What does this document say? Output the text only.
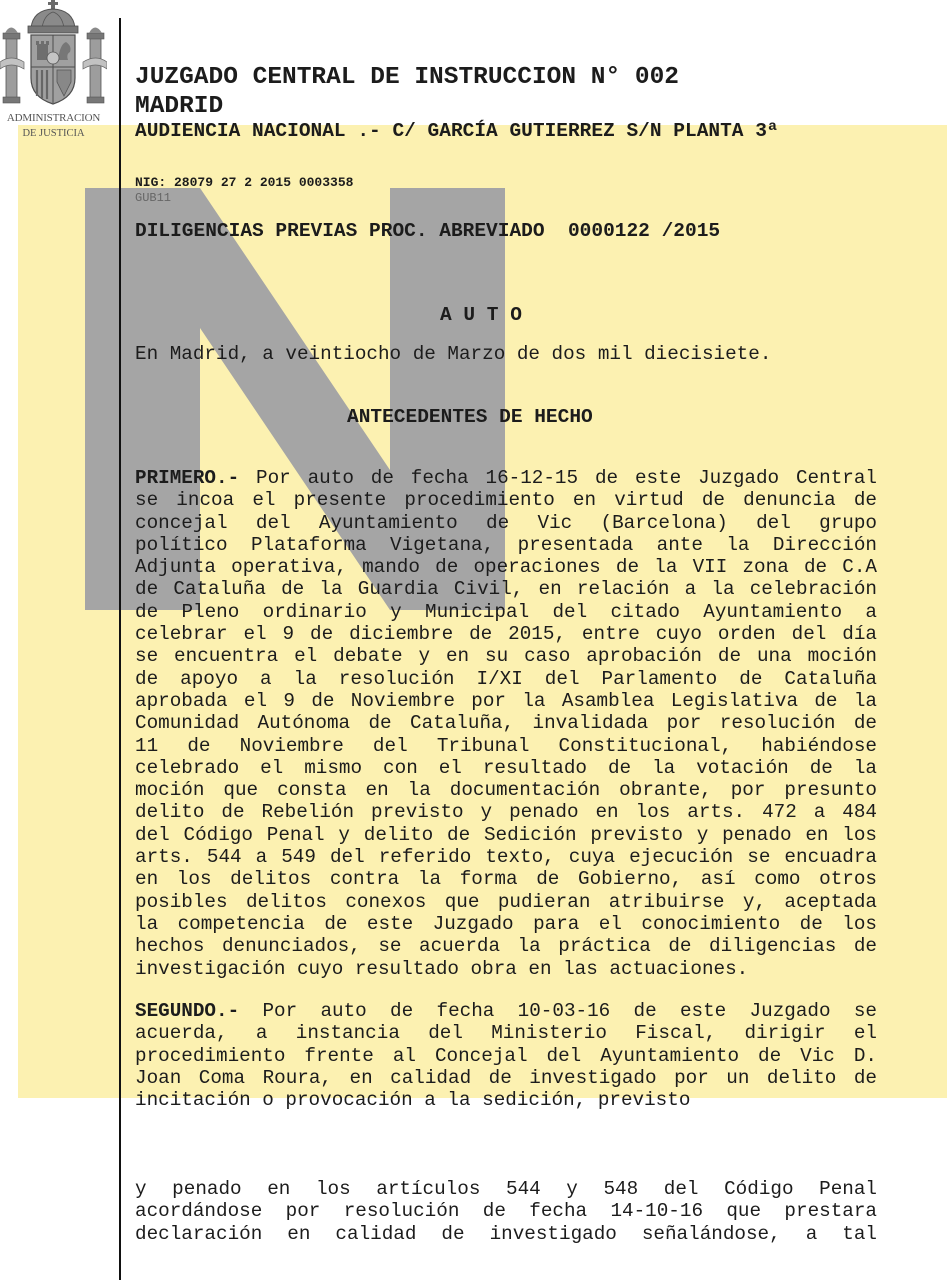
ADMINISTRACION
DE JUSTICIA
JUZGADO CENTRAL DE INSTRUCCION N° 002
MADRID
AUDIENCIA NACIONAL .- C/ GARCÍA GUTIERREZ S/N PLANTA 3ª
NIG: 28079 27 2 2015 0003358
GUB11
DILIGENCIAS PREVIAS PROC. ABREVIADO  0000122 /2015
A U T O
En Madrid, a veintiocho de Marzo de dos mil diecisiete.
ANTECEDENTES DE HECHO
PRIMERO.- Por auto de fecha 16-12-15 de este Juzgado Central
se incoa el presente procedimiento en virtud de denuncia de
concejal del Ayuntamiento de Vic (Barcelona) del grupo
político Plataforma Vigetana, presentada ante la Dirección
Adjunta operativa, mando de operaciones de la VII zona de C.A
de Cataluña de la Guardia Civil, en relación a la celebración
de Pleno ordinario y Municipal del citado Ayuntamiento a
celebrar el 9 de diciembre de 2015, entre cuyo orden del día
se encuentra el debate y en su caso aprobación de una moción
de apoyo a la resolución I/XI del Parlamento de Cataluña
aprobada el 9 de Noviembre por la Asamblea Legislativa de la
Comunidad Autónoma de Cataluña, invalidada por resolución de
11 de Noviembre del Tribunal Constitucional, habiéndose
celebrado el mismo con el resultado de la votación de la
moción que consta en la documentación obrante, por presunto
delito de Rebelión previsto y penado en los arts. 472 a 484
del Código Penal y delito de Sedición previsto y penado en los
arts. 544 a 549 del referido texto, cuya ejecución se encuadra
en los delitos contra la forma de Gobierno, así como otros
posibles delitos conexos que pudieran atribuirse y, aceptada
la competencia de este Juzgado para el conocimiento de los
hechos denunciados, se acuerda la práctica de diligencias de
investigación cuyo resultado obra en las actuaciones.
SEGUNDO.- Por auto de fecha 10-03-16 de este Juzgado se
acuerda, a instancia del Ministerio Fiscal, dirigir el
procedimiento frente al Concejal del Ayuntamiento de Vic D.
Joan Coma Roura, en calidad de investigado por un delito de
incitación o provocación a la sedición, previsto
y penado en los artículos 544 y 548 del Código Penal
acordándose por resolución de fecha 14-10-16 que prestara
declaración en calidad de investigado señalándose, a tal
